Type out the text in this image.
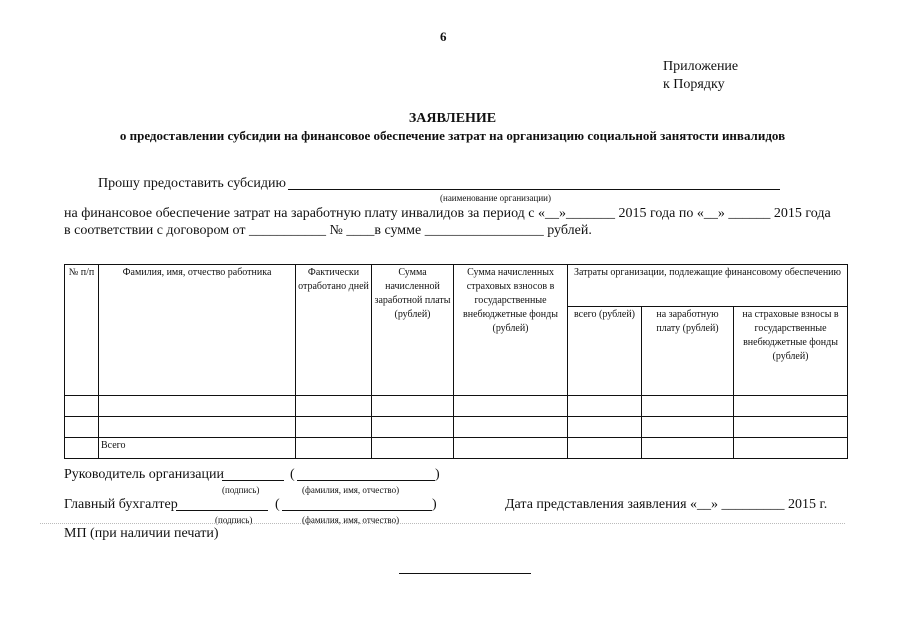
6
Приложение
к Порядку
ЗАЯВЛЕНИЕ
о предоставлении субсидии на финансовое обеспечение затрат на организацию социальной занятости инвалидов
Прошу предоставить субсидию
(наименование организации)
на финансовое обеспечение затрат на заработную плату инвалидов за период с «__»_______ 2015 года по «__» ______ 2015 года
в соответствии с договором от ___________ № ____в сумме _________________ рублей.
№ п/п	Фамилия, имя, отчество работника	Фактически отработано дней	Сумма начисленной заработной платы (рублей)	Сумма начисленных страховых взносов в государственные внебюджетные фонды (рублей)	Затраты организации, подлежащие финансовому обеспечению		
					всего (рублей)	на заработную плату (рублей)	на страховые взносы в государственные внебюджетные фонды (рублей)

	Всего						
Руководитель организации	(	)
(подпись)	(фамилия, имя, отчество)
Главный бухгалтер	(	)
(подпись)	(фамилия, имя, отчество)
Дата представления заявления «__» _________ 2015 г.
МП (при наличии печати)
